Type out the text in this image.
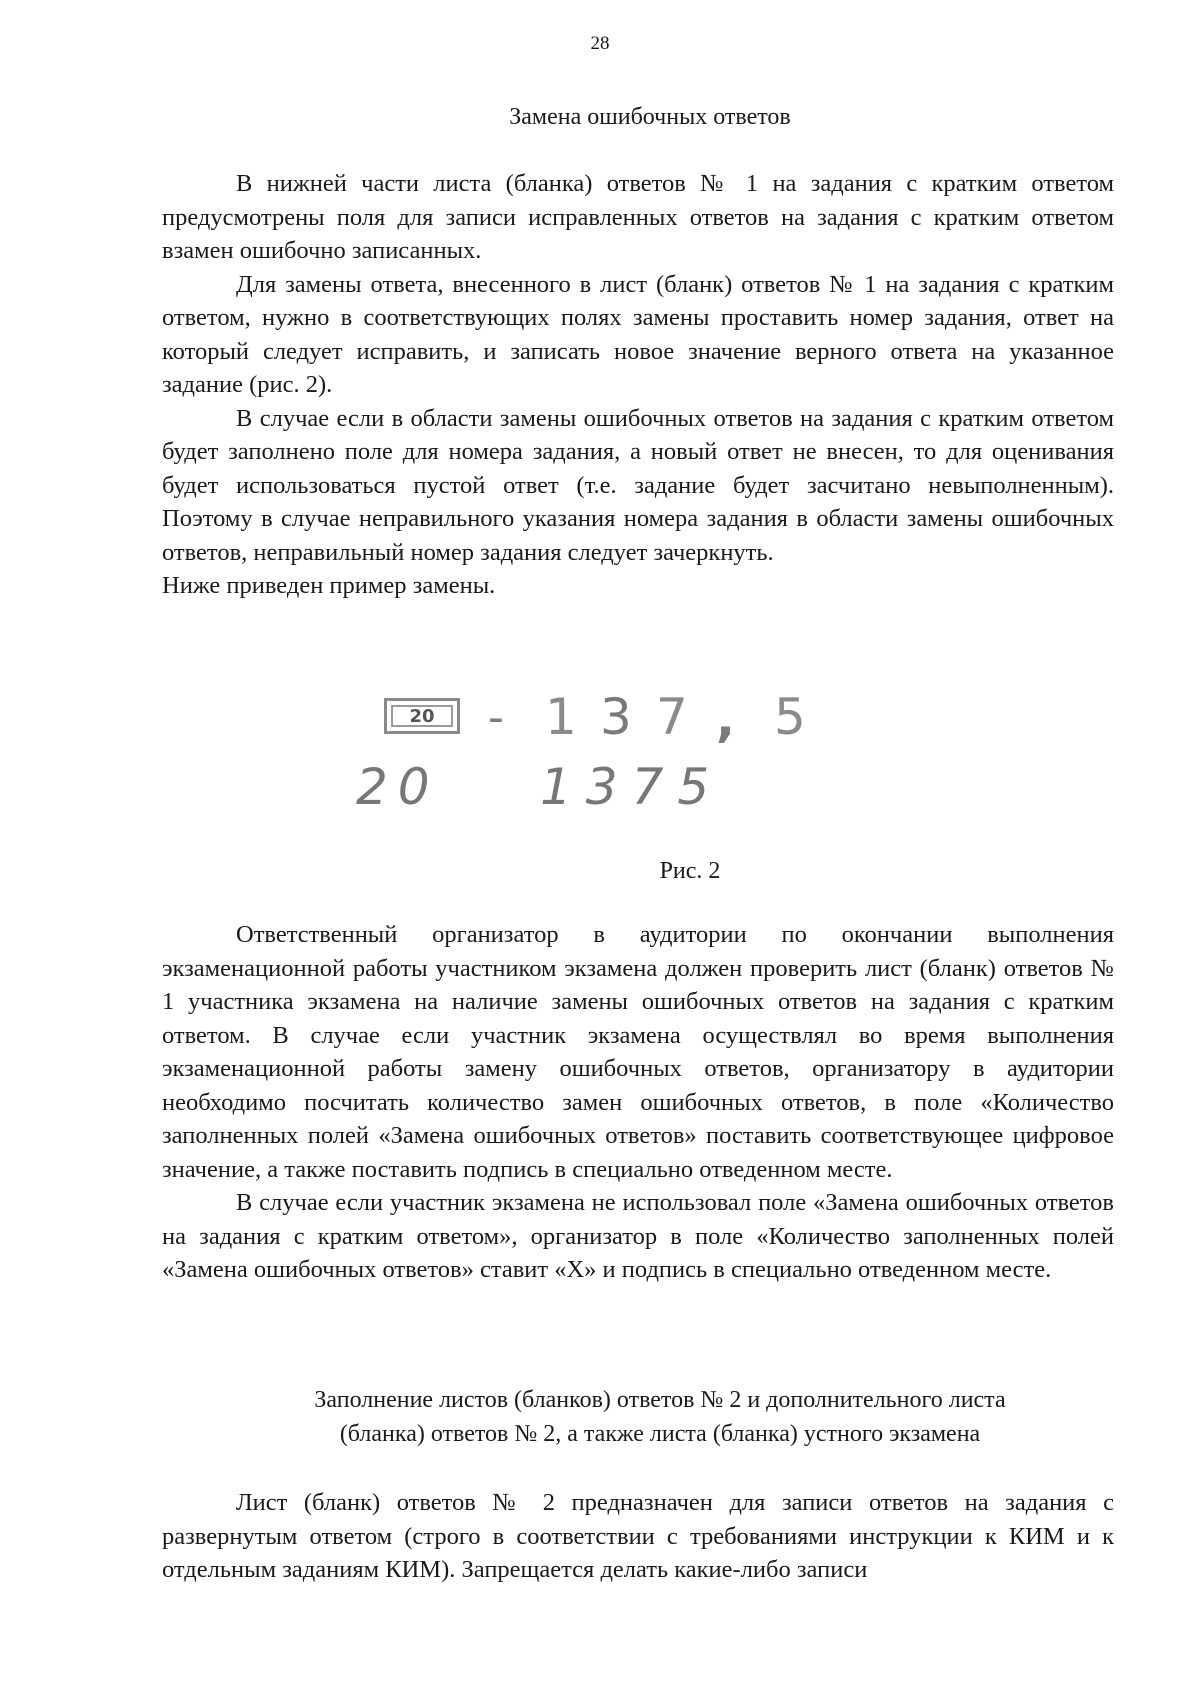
28
Замена ошибочных ответов

В нижней части листа (бланка) ответов № 1 на задания с кратким ответом предусмотрены поля для записи исправленных ответов на задания с кратким ответом взамен ошибочно записанных.

Для замены ответа, внесенного в лист (бланк) ответов № 1 на задания с кратким ответом, нужно в соответствующих полях замены проставить номер задания, ответ на который следует исправить, и записать новое значение верного ответа на указанное задание (рис. 2).

В случае если в области замены ошибочных ответов на задания с кратким ответом будет заполнено поле для номера задания, а новый ответ не внесен, то для оценивания будет использоваться пустой ответ (т.е. задание будет засчитано невыполненным). Поэтому в случае неправильного указания номера задания в области замены ошибочных ответов, неправильный номер задания следует зачеркнуть.

Ниже приведен пример замены.

20 - 1 3 7 , 5
20 1375
Рис. 2

Ответственный организатор в аудитории по окончании выполнения экзаменационной работы участником экзамена должен проверить лист (бланк) ответов № 1 участника экзамена на наличие замены ошибочных ответов на задания с кратким ответом. В случае если участник экзамена осуществлял во время выполнения экзаменационной работы замену ошибочных ответов, организатору в аудитории необходимо посчитать количество замен ошибочных ответов, в поле «Количество заполненных полей «Замена ошибочных ответов» поставить соответствующее цифровое значение, а также поставить подпись в специально отведенном месте.

В случае если участник экзамена не использовал поле «Замена ошибочных ответов на задания с кратким ответом», организатор в поле «Количество заполненных полей «Замена ошибочных ответов» ставит «Х» и подпись в специально отведенном месте.

Заполнение листов (бланков) ответов № 2 и дополнительного листа
(бланка) ответов № 2, а также листа (бланка) устного экзамена

Лист (бланк) ответов № 2 предназначен для записи ответов на задания с развернутым ответом (строго в соответствии с требованиями инструкции к КИМ и к отдельным заданиям КИМ). Запрещается делать какие-либо записи
